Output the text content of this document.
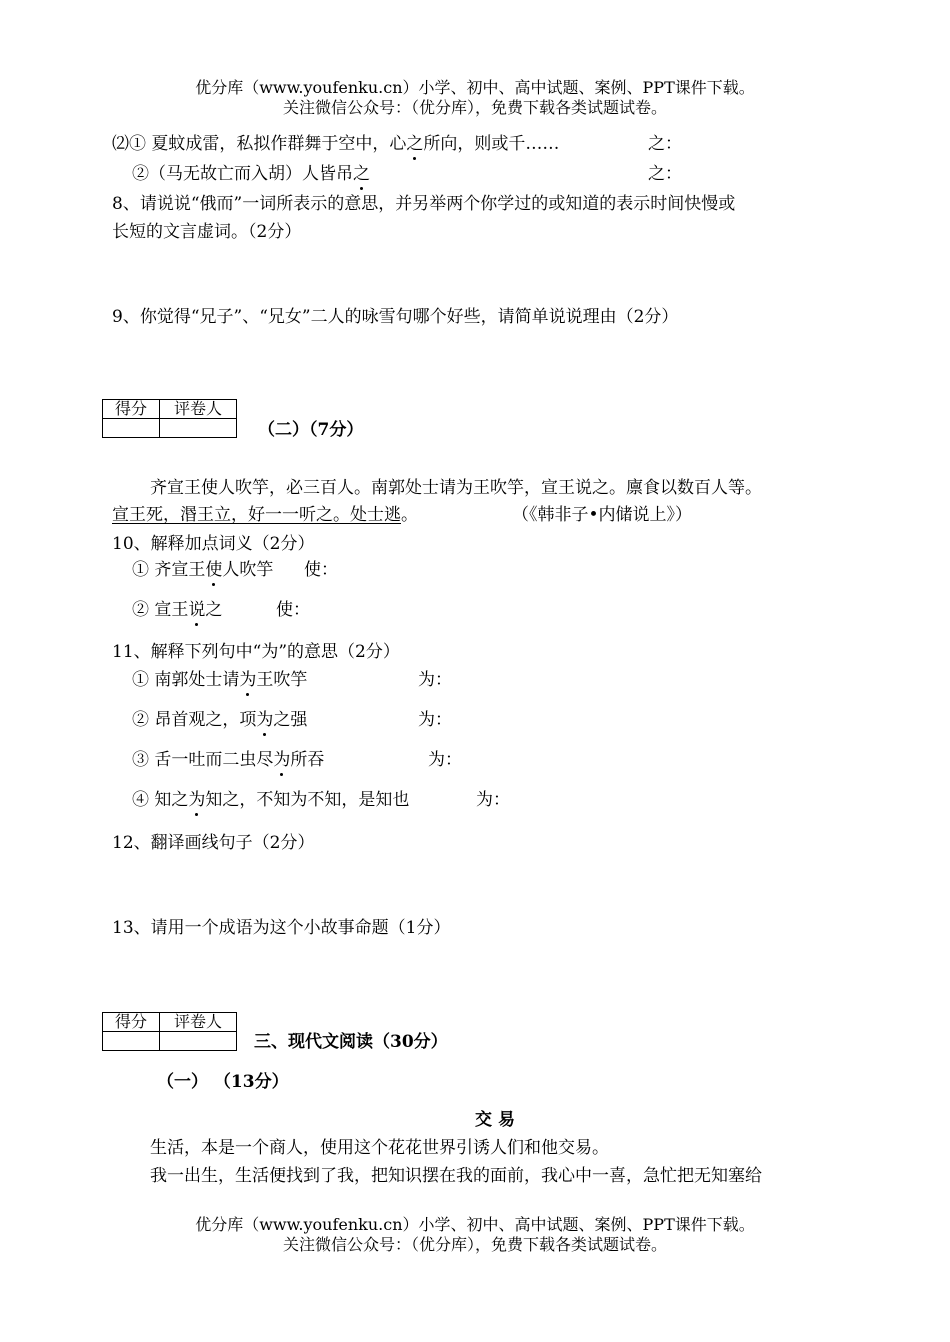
优分库（www.youfenku.cn）小学、初中、高中试题、案例、PPT课件下载。
关注微信公众号：（优分库），免费下载各类试题试卷。
⑵① 夏蚊成雷，私拟作群舞于空中，心之所向，则或千……	之：
②（马无故亡而入胡）人皆吊之	之：
8、请说说“俄而”一词所表示的意思，并另举两个你学过的或知道的表示时间快慢或
长短的文言虚词。（2分）
9、你觉得“兄子”、“兄女”二人的咏雪句哪个好些，请简单说说理由（2分）
得分	评卷人

（二）（7分）
齐宣王使人吹竽，必三百人。南郭处士请为王吹竽，宣王说之。廪食以数百人等。
宣王死，湣王立，好一一听之。处士逃。	（《韩非子•内储说上》）
10、解释加点词义（2分）
① 齐宣王使人吹竽 使：
② 宣王说之	使：
11、解释下列句中“为”的意思（2分）
① 南郭处士请为王吹竽	为：
② 昂首观之，项为之强	为：
③ 舌一吐而二虫尽为所吞	为：
④ 知之为知之，不知为不知，是知也	为：
12、翻译画线句子（2分）
13、请用一个成语为这个小故事命题（1分）
得分	评卷人

三、现代文阅读（30分）
（一） （13分）
交 易
生活，本是一个商人，使用这个花花世界引诱人们和他交易。
我一出生，生活便找到了我，把知识摆在我的面前，我心中一喜，急忙把无知塞给
优分库（www.youfenku.cn）小学、初中、高中试题、案例、PPT课件下载。
关注微信公众号：（优分库），免费下载各类试题试卷。
